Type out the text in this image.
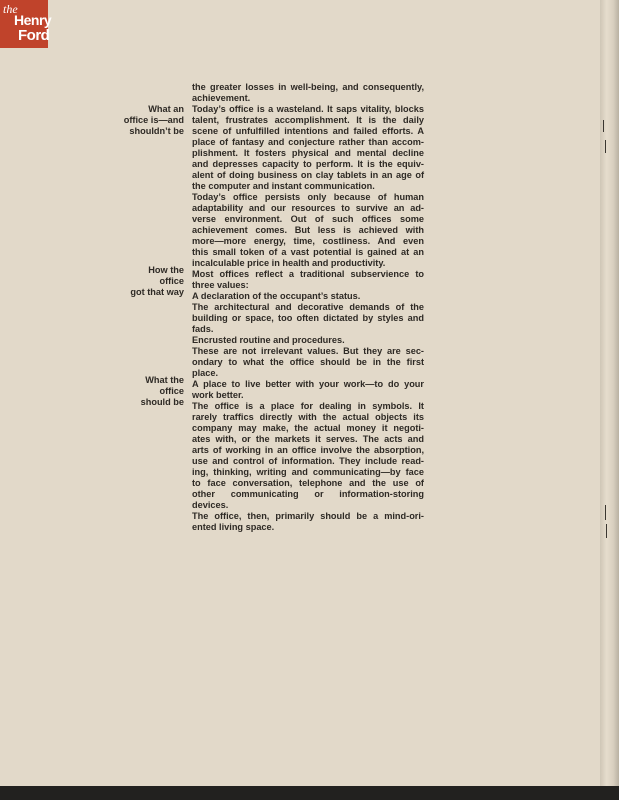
the
Henry
Ford
What an
office is—and
shouldn’t be
How the
office
got that way
What the
office
should be
the greater losses in well-being, and consequently,
achievement.
Today’s office is a wasteland. It saps vitality, blocks
talent, frustrates accomplishment. It is the daily
scene of unfulfilled intentions and failed efforts. A
place of fantasy and conjecture rather than accom-
plishment. It fosters physical and mental decline
and depresses capacity to perform. It is the equiv-
alent of doing business on clay tablets in an age of
the computer and instant communication.
Today’s office persists only because of human
adaptability and our resources to survive an ad-
verse environment. Out of such offices some
achievement comes. But less is achieved with
more—more energy, time, costliness. And even
this small token of a vast potential is gained at an
incalculable price in health and productivity.
Most offices reflect a traditional subservience to
three values:
A declaration of the occupant’s status.
The architectural and decorative demands of the
building or space, too often dictated by styles and
fads.
Encrusted routine and procedures.
These are not irrelevant values. But they are sec-
ondary to what the office should be in the first
place.
A place to live better with your work—to do your
work better.
The office is a place for dealing in symbols. It
rarely traffics directly with the actual objects its
company may make, the actual money it negoti-
ates with, or the markets it serves. The acts and
arts of working in an office involve the absorption,
use and control of information. They include read-
ing, thinking, writing and communicating—by face
to face conversation, telephone and the use of
other communicating or information-storing
devices.
The office, then, primarily should be a mind-ori-
ented living space.
